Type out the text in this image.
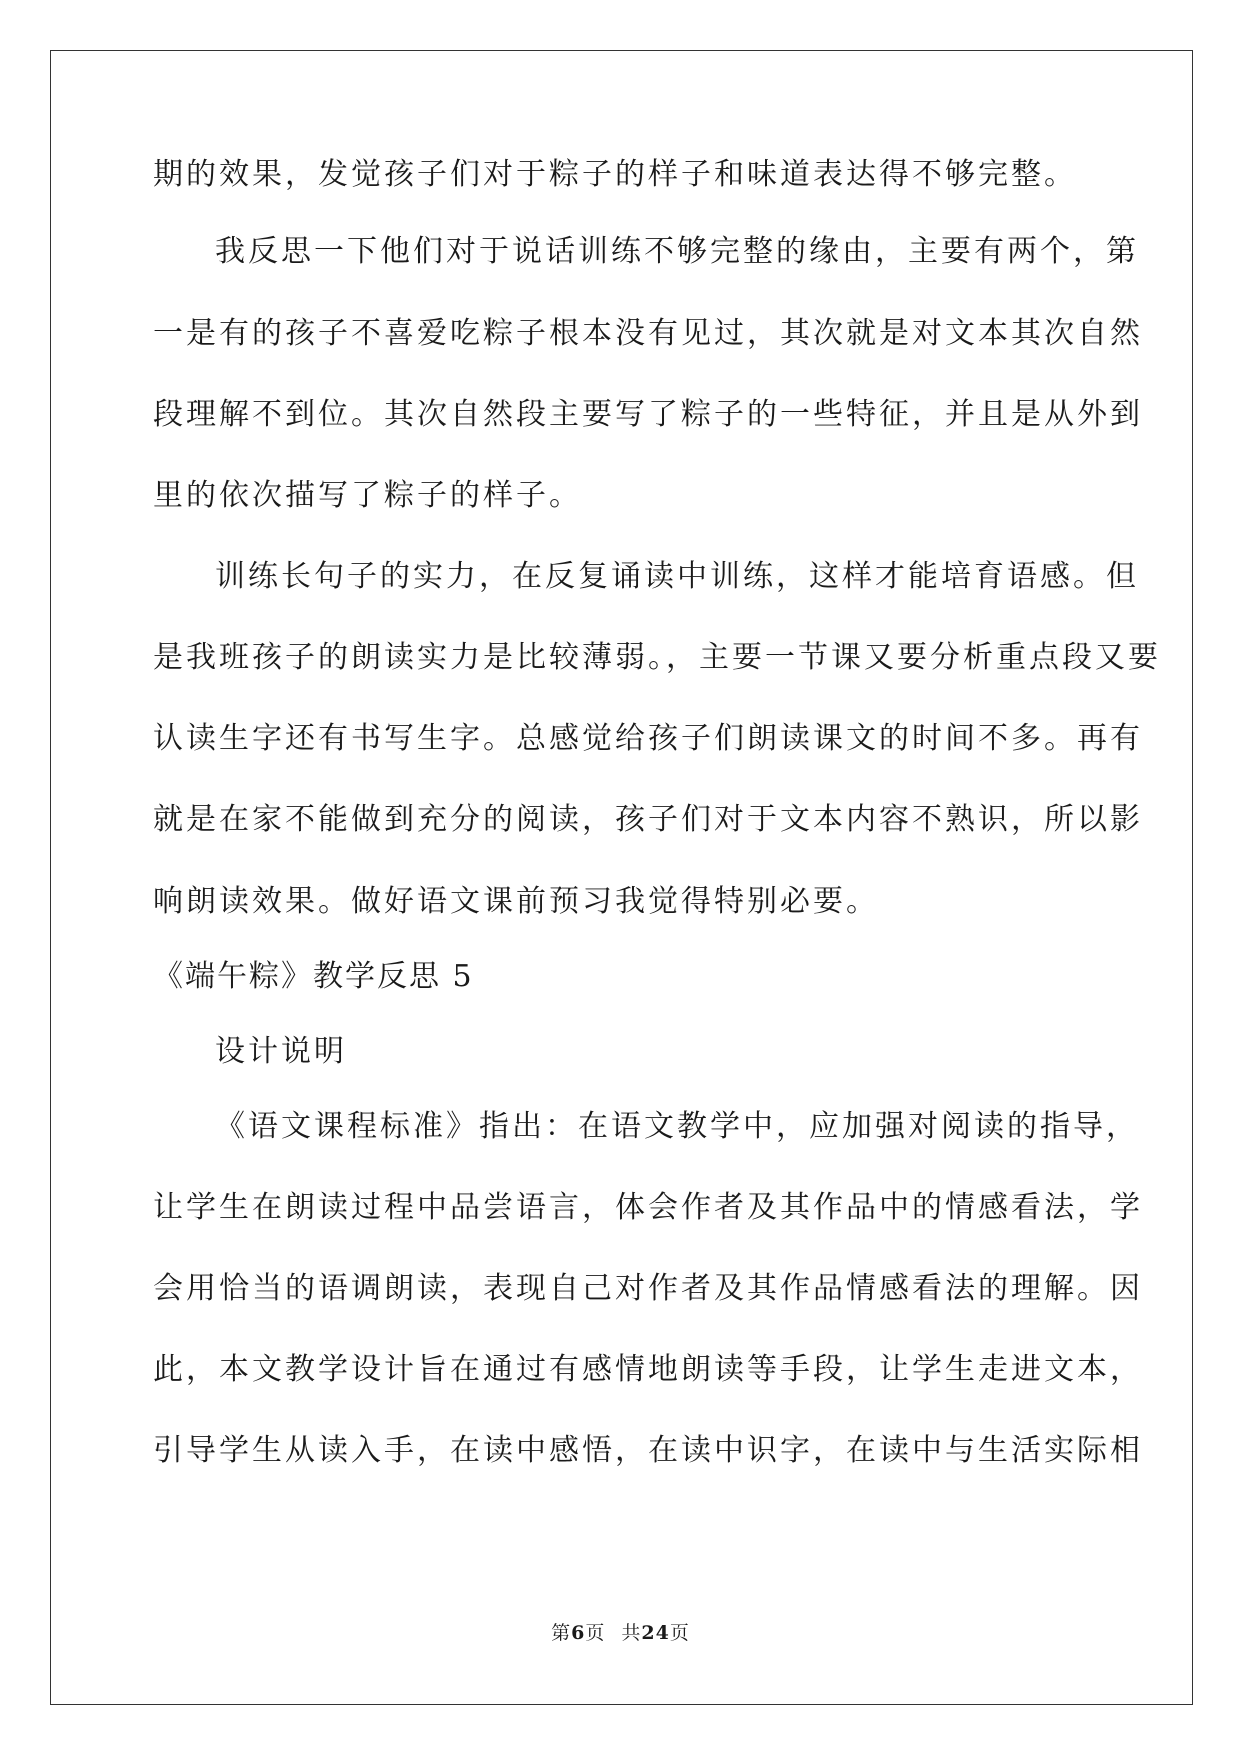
期的效果，发觉孩子们对于粽子的样子和味道表达得不够完整。
我反思一下他们对于说话训练不够完整的缘由，主要有两个，第
一是有的孩子不喜爱吃粽子根本没有见过，其次就是对文本其次自然
段理解不到位。其次自然段主要写了粽子的一些特征，并且是从外到
里的依次描写了粽子的样子。
训练长句子的实力，在反复诵读中训练，这样才能培育语感。但
是我班孩子的朗读实力是比较薄弱。，主要一节课又要分析重点段又要
认读生字还有书写生字。总感觉给孩子们朗读课文的时间不多。再有
就是在家不能做到充分的阅读，孩子们对于文本内容不熟识，所以影
响朗读效果。做好语文课前预习我觉得特别必要。
《端午粽》教学反思 5
设计说明
《语文课程标准》指出：在语文教学中，应加强对阅读的指导，
让学生在朗读过程中品尝语言，体会作者及其作品中的情感看法，学
会用恰当的语调朗读，表现自己对作者及其作品情感看法的理解。因
此，本文教学设计旨在通过有感情地朗读等手段，让学生走进文本，
引导学生从读入手，在读中感悟，在读中识字，在读中与生活实际相
第6页 共24页
